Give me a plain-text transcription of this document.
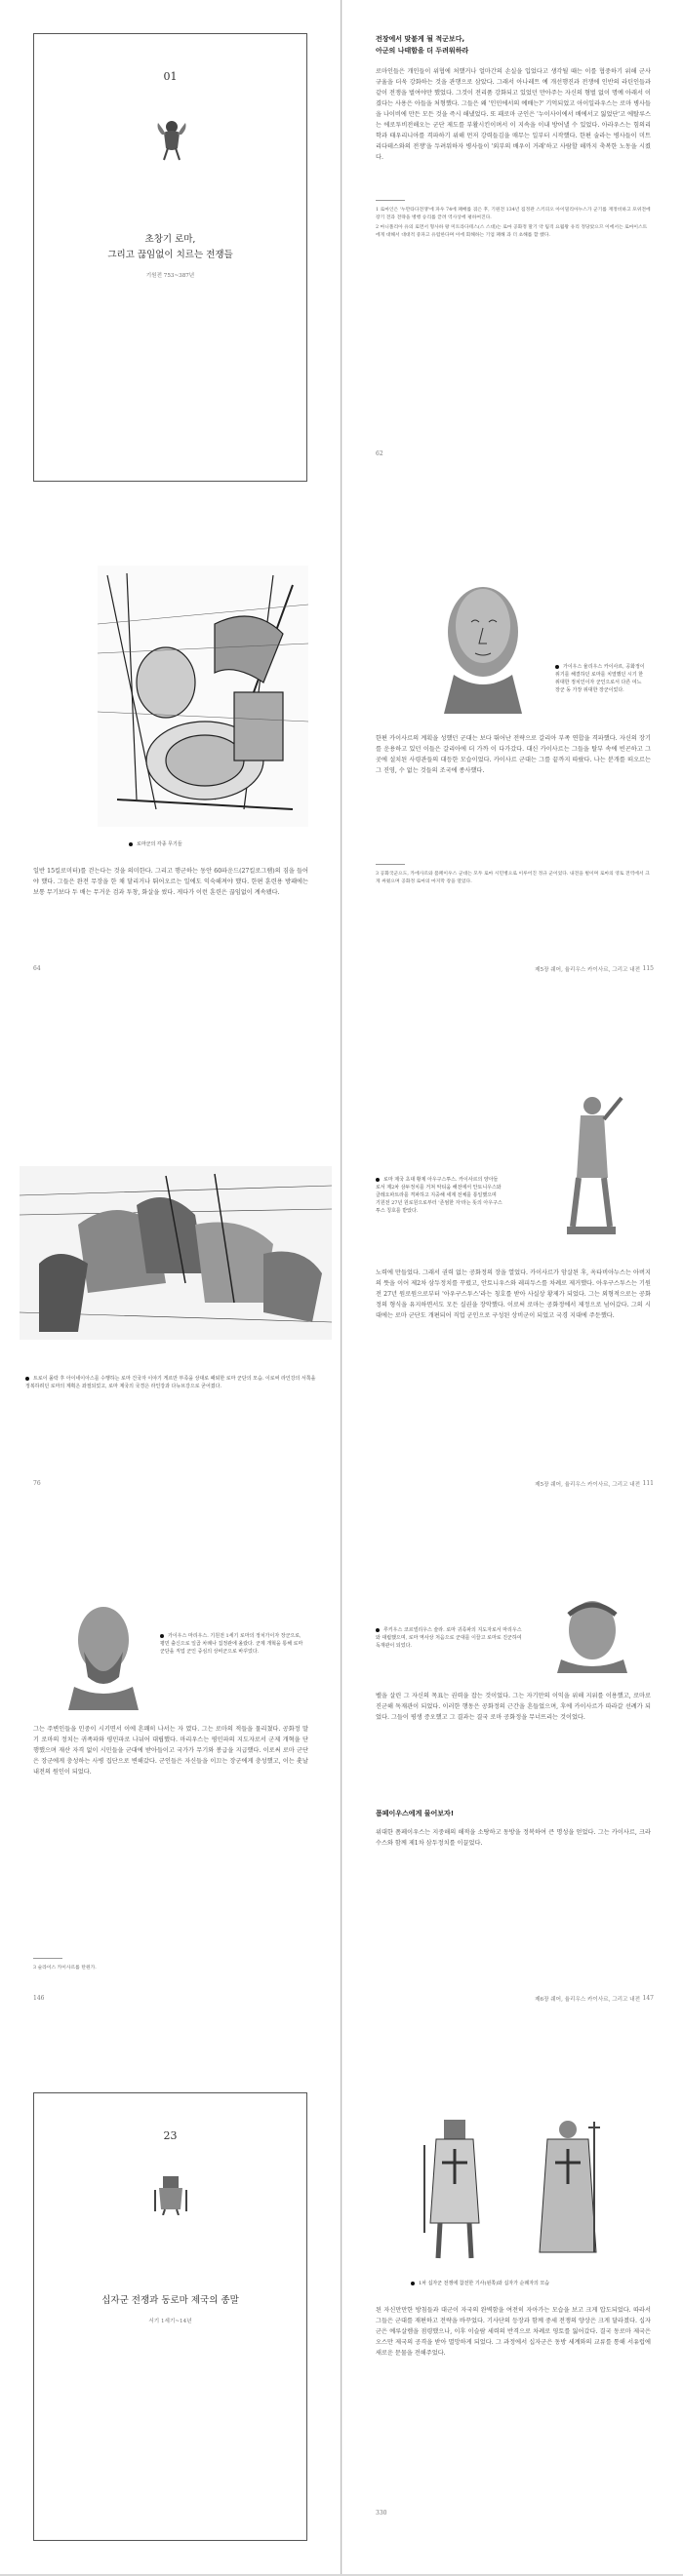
01
초창기 로마,
그리고 끊임없이 치르는 전쟁들
기원전 753~387년
전장에서 맞붙게 될 적군보다,
아군의 나태함을 더 두려워하라

로마인들은 개인들이 위협에 처했거나 얼마간의 손실을 입었다고 생각될 때는 이를 협중하기 위해 군사 규율을 더욱 강화하는 것을 관행으로 삼았다. 그래서 아나레트 예 개선행진과 전쟁에 인반의 라틴인들과 같이 전쟁을 벌여야만 했었다. 그것이 전리품 강화되고 있었던 만아주는 자신의 형벌 없이 명예 아래서 이겼다는 사용은 아들을 처형했다. 그들은 왜 '인민에서의 예배는?' 기억되었고 아이일라우스는 로마 병사들을 나이비에 만든 모든 것을 즉시 해냈었다. 또 패로마 군인은 '누이사이에서 배에서고 잃었단'고 에탈루스는 에로투비전해오는 군단 제도를 부활시킨이며서 이 지속을 이내 방어낼 수 있었다. 아라우스는 힘의리학과 태우리니아를 격파하기 위해 먼저 강력들김을 매무는 일부터 시작했다. 한편 술라는 병사들이 미트리다테스와의 전쟁'을 두려워하자 병사들이 '외부의 배우이 거래'하고 사람할 해까지 축복한 노동을 시켰다.

1 로마인은 '누만타다전쟁'에 파우 74에 패배를 겪은 후, 기원전 134년 집정관 스키피오 아이밀리아누스가 군기를 재정비하고 포위전에 장기 전과 전략을 병행 승리를 끝려 역사상에 평하여진다.

2 마니폴리아 유의 로면서 형사하 왕 미트라다테스(스 스대)는 로마 공화정 말기 약 팀격 요월왕 유리 정당았으므 이에서는 로마이스트에게 대해서 대대적 중파고 유럽한다며 이에 회해하는 기업 패해 과 더 초해를 할 했다.

62
로마군의 각종 무기들

일반 15킬로미터)를 걷는다는 것을 의미한다. 그리고 행군하는 동안 60파운드(27킬로그램)의 짐을 들어야 했다. 그들은 완전 무장을 한 채 달리거나 뛰어오르는 일에도 익숙해져야 했다. 한편 훈련용 방패에는 보통 무기보다 두 배는 무거운 검과 투창, 화살을 썼다. 게다가 이런 훈련은 끊임없이 계속됐다.

64
가이우스 율리우스 카이사르, 공화정이 위기를 해결하던 로마를 치열했던 시기 한 위대한 정치인이자 군인으로서 다른 여느 장군 동 가장 위대한 장군이었다.

한편 카이사르의 계획을 성했던 군대는 보다 뛰어난 전략으로 갈리아 부족 연합을 격파했다. 자신의 장기를 운용하고 있던 이들은 갈리아에 더 가까 이 다가갔다. 대신 카이사르는 그들을 탈부 속에 빈곤하고 그곳에 설치된 사령관들의 대등한 모습이었다. 카이사르 군대는 그를 끝까지 따랐다. 나는 분개를 떠오르는 그 진영, 수 없는 것들의 조국에 종사했다.

3 공화국군으도, 카에사르와 폼페이우스 군대는 모두 로마 시민병으로 이루어진 정규 군이었다. 내전을 벌이며 로마의 영토 전역에서 크게 싸웠으며 공화정 로마의 마지막 장을 열었다.

제5장 쉐어, 율리우스 카이사르, 그리고 내전 115
트로이 몰락 후 아이네이아스를 수행하는 로마 건국자 이야기 게르만 부족을 상대로 패퇴한 로마 군단의 모습. 이로써 라인강의 서쪽을 정복하려던 로마의 계획은 좌절되었고, 로마 제국의 국경은 라인강과 다뉴브강으로 굳어졌다.
76
로마 제국 초대 황제 아우구스투스. 카이사르의 양아들로서 제2차 삼두정치를 거쳐 악티움 해전에서 안토니우스와 클레오파트라를 격파하고 지중해 세계 전체를 통일했으며 기원전 27년 원로원으로부터 '존엄한 자'라는 뜻의 아우구스투스 칭호를 받았다.

노력에 만들었다. 그래서 권력 없는 공화정의 장을 열었다. 카이사르가 암살된 후, 옥타비아누스는 아버지의 뜻을 이어 제2차 삼두정치를 꾸렸고, 안토니우스와 레피두스를 차례로 제거했다. 아우구스투스는 기원전 27년 원로원으로부터 '아우구스투스'라는 칭호를 받아 사실상 황제가 되었다. 그는 외형적으로는 공화정의 형식을 유지하면서도 모든 실권을 장악했다. 이로써 로마는 공화정에서 제정으로 넘어갔다. 그의 시대에는 로마 군단도 개편되어 직업 군인으로 구성된 상비군이 되었고 국경 지대에 주둔했다.

제5장 쉐어, 율리우스 카이사르, 그리고 내전 111
가이우스 마리우스. 기원전 1세기 로마의 정치가이자 장군으로, 평민 출신으로 일곱 차례나 집정관에 올랐다. 군제 개혁을 통해 로마 군단을 직업 군인 중심의 상비군으로 바꾸었다.

그는 주변인들을 민중이 시키면서 이에 흔쾌히 나서는 자 였다. 그는 로마의 적들을 물리쳤다. 공화정 말기 로마의 정치는 귀족파와 평민파로 나뉘어 대립했다. 마리우스는 평민파의 지도자로서 군제 개혁을 단행했으며 재산 자격 없이 시민들을 군대에 받아들이고 국가가 무기와 봉급을 지급했다. 이로써 로마 군단은 장군에게 충성하는 사병 집단으로 변해갔다. 군인들은 자신들을 이끄는 장군에게 충성했고, 이는 훗날 내전의 원인이 되었다.

3 술라이스 카이사르를 탄원가.

146
루키우스 코르넬리우스 술라. 로마 귀족파의 지도자로서 마리우스와 대립했으며, 로마 역사상 처음으로 군대를 이끌고 로마로 진군하여 독재관이 되었다.

벨을 살린 그 자신의 목표는 권력을 잡는 것이었다. 그는 자기만의 이익을 위해 지위를 이용했고, 로마로 진군해 독재관이 되었다. 이러한 행동은 공화정의 근간을 흔들었으며, 후에 카이사르가 따라갈 선례가 되었다. 그들이 평생 증오했고 그 결과는 결국 로마 공화정을 무너뜨리는 것이었다.

폼페이우스에게 물어보자!

위대한 폼페이우스는 지중해의 해적을 소탕하고 동방을 정복하여 큰 명성을 얻었다. 그는 카이사르, 크라수스와 함께 제1차 삼두정치를 이끌었다.

제6장 쉐어, 율리우스 카이사르, 그리고 내전 147
23
십자군 전쟁과 동로마 제국의 종말
서기 1세기~14년
1차 십자군 전쟁에 참전한 기사(왼쪽)와 십자가 순례자의 모습

된 자신만만한 방침들과 대군이 자국의 완벽함을 여전히 자아가는 모습을 보고 크게 압도되었다. 따라서 그들은 군대를 재편하고 전략을 바꾸었다. 기사단의 등장과 함께 중세 전쟁의 양상은 크게 달라졌다. 십자군은 예루살렘을 점령했으나, 이후 이슬람 세력의 반격으로 차례로 영토를 잃어갔다. 결국 동로마 제국은 오스만 제국의 공격을 받아 멸망하게 되었다. 그 과정에서 십자군은 동방 세계와의 교류를 통해 서유럽에 새로운 문물을 전해주었다.

330
